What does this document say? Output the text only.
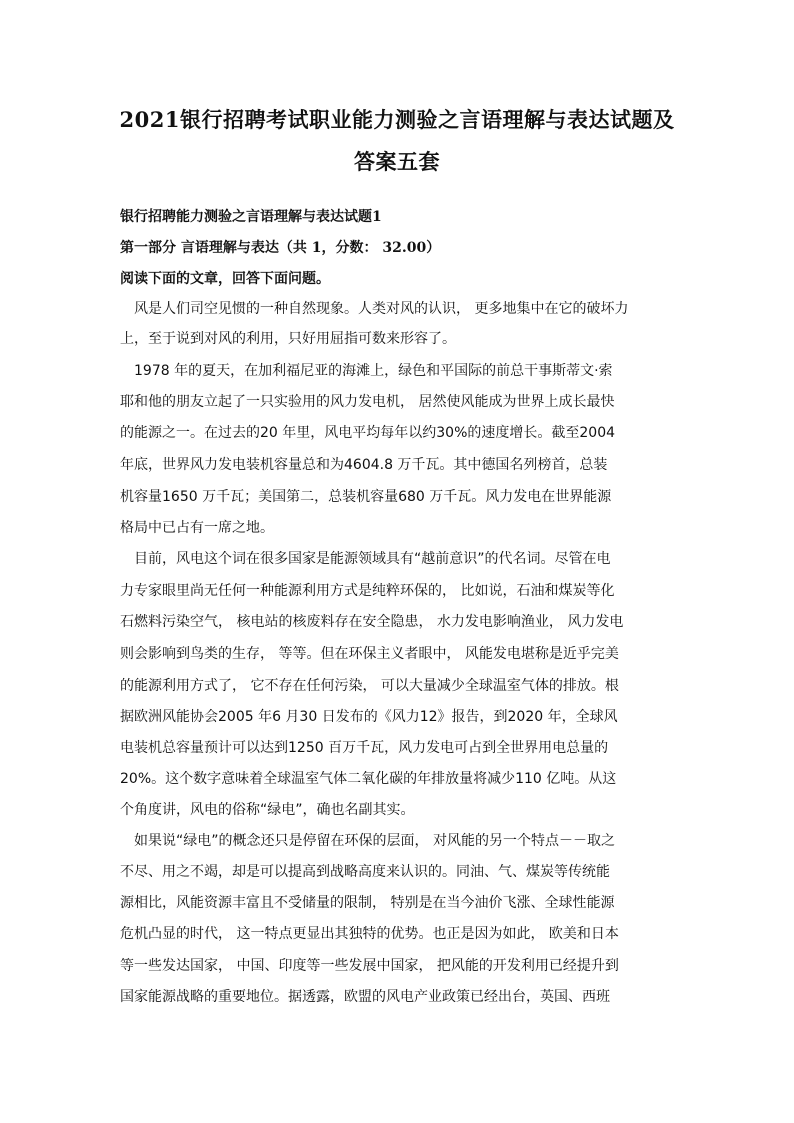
2021银行招聘考试职业能力测验之言语理解与表达试题及
答案五套
银行招聘能力测验之言语理解与表达试题1
第一部分 言语理解与表达（共 1，分数： 32.00）
阅读下面的文章，回答下面问题。
　风是人们司空见惯的一种自然现象。人类对风的认识， 更多地集中在它的破坏力
上，至于说到对风的利用，只好用屈指可数来形容了。
　1978 年的夏天，在加利福尼亚的海滩上，绿色和平国际的前总干事斯蒂文·索
耶和他的朋友立起了一只实验用的风力发电机， 居然使风能成为世界上成长最快
的能源之一。在过去的20 年里，风电平均每年以约30%的速度增长。截至2004
年底，世界风力发电装机容量总和为4604.8 万千瓦。其中德国名列榜首，总装
机容量1650 万千瓦；美国第二，总装机容量680 万千瓦。风力发电在世界能源
格局中已占有一席之地。
　目前，风电这个词在很多国家是能源领域具有“越前意识”的代名词。尽管在电
力专家眼里尚无任何一种能源利用方式是纯粹环保的， 比如说，石油和煤炭等化
石燃料污染空气， 核电站的核废料存在安全隐患， 水力发电影响渔业， 风力发电
则会影响到鸟类的生存， 等等。但在环保主义者眼中， 风能发电堪称是近乎完美
的能源利用方式了， 它不存在任何污染， 可以大量减少全球温室气体的排放。根
据欧洲风能协会2005 年6 月30 日发布的《风力12》报告，到2020 年，全球风
电装机总容量预计可以达到1250 百万千瓦，风力发电可占到全世界用电总量的
20%。这个数字意味着全球温室气体二氧化碳的年排放量将减少110 亿吨。从这
个角度讲，风电的俗称“绿电”，确也名副其实。
　如果说“绿电”的概念还只是停留在环保的层面， 对风能的另一个特点－－取之
不尽、用之不竭，却是可以提高到战略高度来认识的。同油、气、煤炭等传统能
源相比，风能资源丰富且不受储量的限制， 特别是在当今油价飞涨、全球性能源
危机凸显的时代， 这一特点更显出其独特的优势。也正是因为如此， 欧美和日本
等一些发达国家， 中国、印度等一些发展中国家， 把风能的开发利用已经提升到
国家能源战略的重要地位。据透露，欧盟的风电产业政策已经出台，英国、西班
